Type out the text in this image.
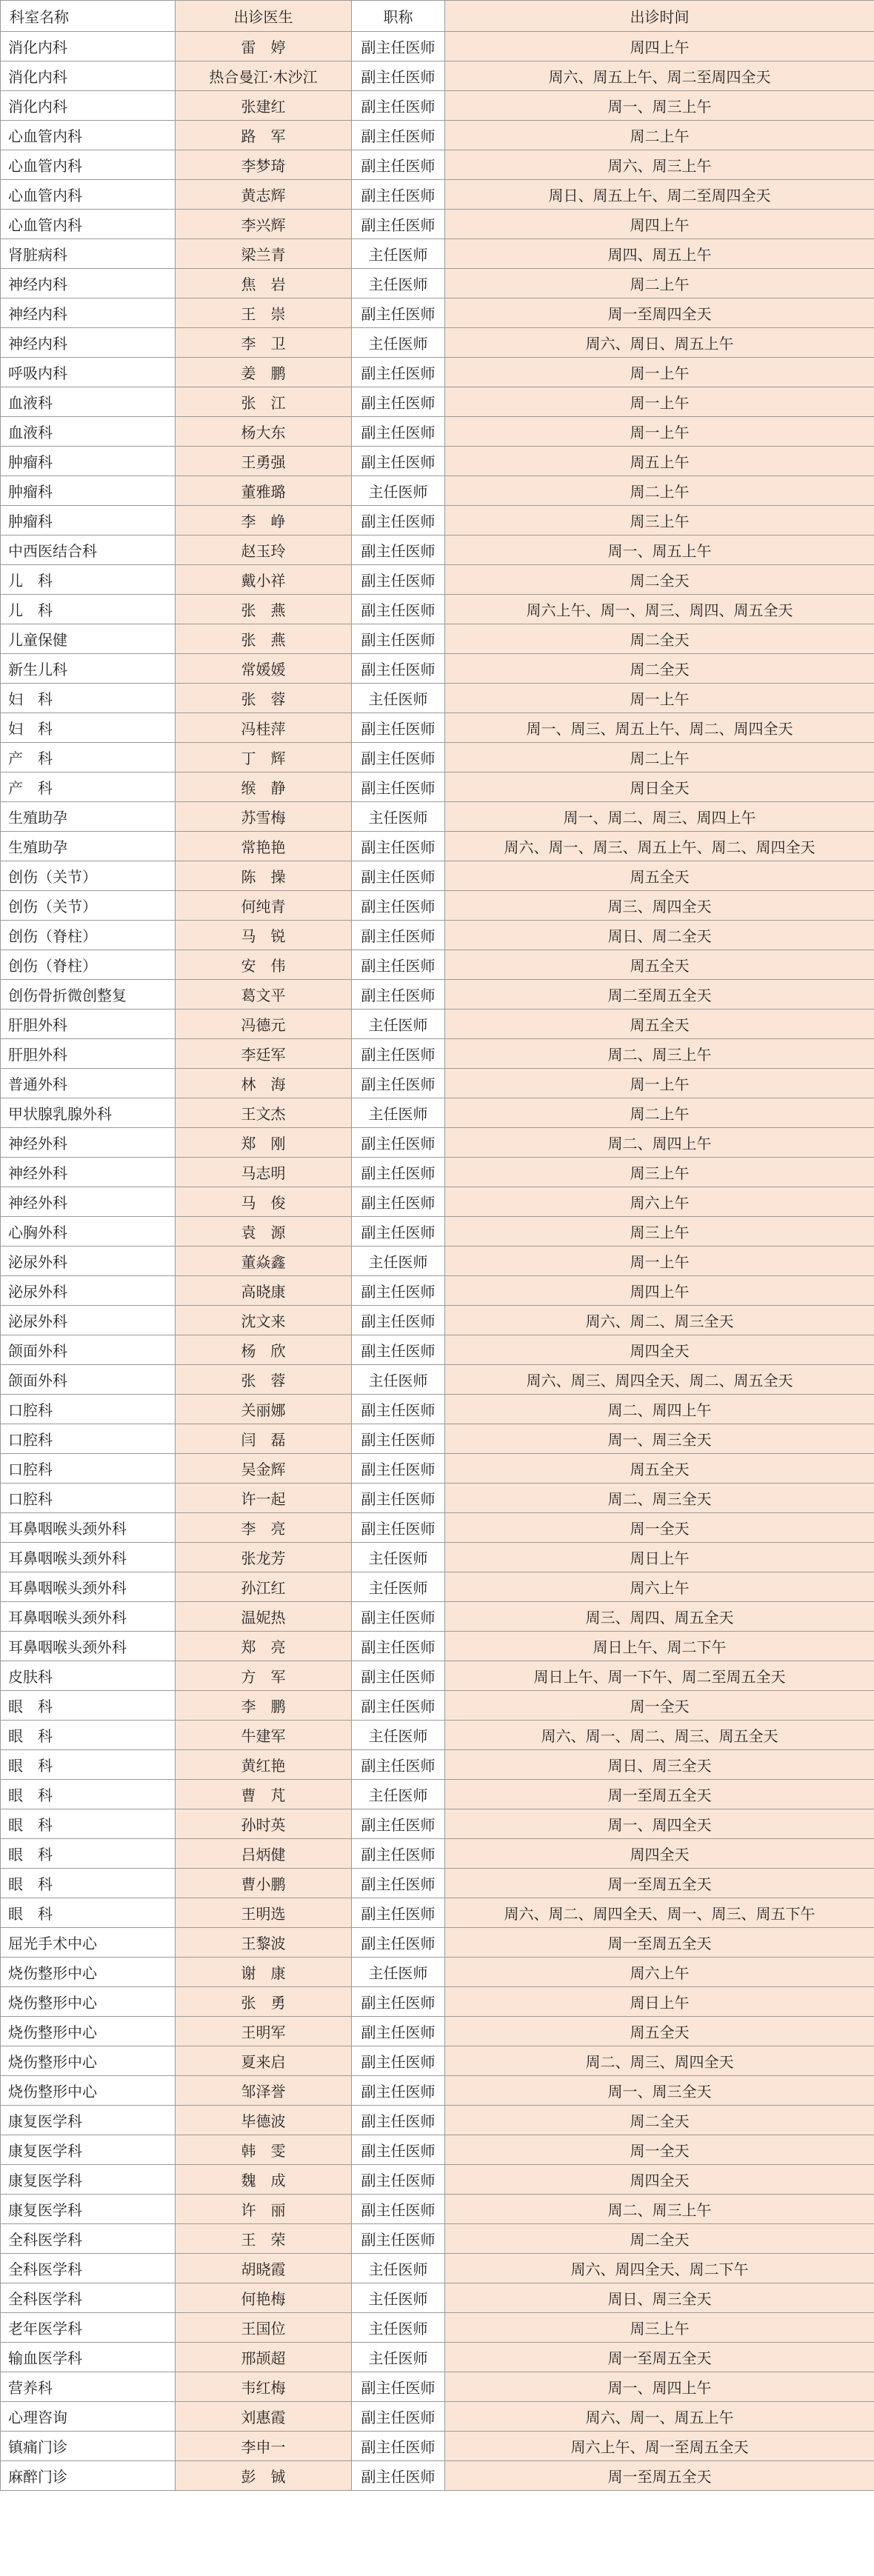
科室名称	出诊医生	职称	出诊时间
消化内科	雷　婷	副主任医师	周四上午
消化内科	热合曼江·木沙江	副主任医师	周六、周五上午、周二至周四全天
消化内科	张建红	副主任医师	周一、周三上午
心血管内科	路　军	副主任医师	周二上午
心血管内科	李梦琦	副主任医师	周六、周三上午
心血管内科	黄志辉	副主任医师	周日、周五上午、周二至周四全天
心血管内科	李兴辉	副主任医师	周四上午
肾脏病科	梁兰青	主任医师	周四、周五上午
神经内科	焦　岩	主任医师	周二上午
神经内科	王　崇	副主任医师	周一至周四全天
神经内科	李　卫	主任医师	周六、周日、周五上午
呼吸内科	姜　鹏	副主任医师	周一上午
血液科	张　江	副主任医师	周一上午
血液科	杨大东	副主任医师	周一上午
肿瘤科	王勇强	副主任医师	周五上午
肿瘤科	董雅璐	主任医师	周二上午
肿瘤科	李　峥	副主任医师	周三上午
中西医结合科	赵玉玲	副主任医师	周一、周五上午
儿　科	戴小祥	副主任医师	周二全天
儿　科	张　燕	副主任医师	周六上午、周一、周三、周四、周五全天
儿童保健	张　燕	副主任医师	周二全天
新生儿科	常媛媛	副主任医师	周二全天
妇　科	张　蓉	主任医师	周一上午
妇　科	冯桂萍	副主任医师	周一、周三、周五上午、周二、周四全天
产　科	丁　辉	副主任医师	周二上午
产　科	缑　静	副主任医师	周日全天
生殖助孕	苏雪梅	主任医师	周一、周二、周三、周四上午
生殖助孕	常艳艳	副主任医师	周六、周一、周三、周五上午、周二、周四全天
创伤（关节）	陈　操	副主任医师	周五全天
创伤（关节）	何纯青	副主任医师	周三、周四全天
创伤（脊柱）	马　锐	副主任医师	周日、周二全天
创伤（脊柱）	安　伟	副主任医师	周五全天
创伤骨折微创整复	葛文平	副主任医师	周二至周五全天
肝胆外科	冯德元	主任医师	周五全天
肝胆外科	李廷军	副主任医师	周二、周三上午
普通外科	林　海	副主任医师	周一上午
甲状腺乳腺外科	王文杰	主任医师	周二上午
神经外科	郑　刚	副主任医师	周二、周四上午
神经外科	马志明	副主任医师	周三上午
神经外科	马　俊	副主任医师	周六上午
心胸外科	袁　源	副主任医师	周三上午
泌尿外科	董焱鑫	主任医师	周一上午
泌尿外科	高晓康	副主任医师	周四上午
泌尿外科	沈文来	副主任医师	周六、周二、周三全天
颌面外科	杨　欣	副主任医师	周四全天
颌面外科	张　蓉	主任医师	周六、周三、周四全天、周二、周五全天
口腔科	关丽娜	副主任医师	周二、周四上午
口腔科	闫　磊	副主任医师	周一、周三全天
口腔科	吴金辉	副主任医师	周五全天
口腔科	许一起	副主任医师	周二、周三全天
耳鼻咽喉头颈外科	李　亮	副主任医师	周一全天
耳鼻咽喉头颈外科	张龙芳	主任医师	周日上午
耳鼻咽喉头颈外科	孙江红	主任医师	周六上午
耳鼻咽喉头颈外科	温妮热	副主任医师	周三、周四、周五全天
耳鼻咽喉头颈外科	郑　亮	副主任医师	周日上午、周二下午
皮肤科	方　军	副主任医师	周日上午、周一下午、周二至周五全天
眼　科	李　鹏	副主任医师	周一全天
眼　科	牛建军	主任医师	周六、周一、周二、周三、周五全天
眼　科	黄红艳	副主任医师	周日、周三全天
眼　科	曹　芃	主任医师	周一至周五全天
眼　科	孙时英	副主任医师	周一、周四全天
眼　科	吕炳健	副主任医师	周四全天
眼　科	曹小鹏	副主任医师	周一至周五全天
眼　科	王明选	副主任医师	周六、周二、周四全天、周一、周三、周五下午
屈光手术中心	王黎波	副主任医师	周一至周五全天
烧伤整形中心	谢　康	主任医师	周六上午
烧伤整形中心	张　勇	副主任医师	周日上午
烧伤整形中心	王明军	副主任医师	周五全天
烧伤整形中心	夏来启	副主任医师	周二、周三、周四全天
烧伤整形中心	邹泽誉	副主任医师	周一、周三全天
康复医学科	毕德波	副主任医师	周二全天
康复医学科	韩　雯	副主任医师	周一全天
康复医学科	魏　成	副主任医师	周四全天
康复医学科	许　丽	副主任医师	周二、周三上午
全科医学科	王　荣	副主任医师	周二全天
全科医学科	胡晓霞	主任医师	周六、周四全天、周二下午
全科医学科	何艳梅	主任医师	周日、周三全天
老年医学科	王国位	主任医师	周三上午
输血医学科	邢颉超	主任医师	周一至周五全天
营养科	韦红梅	副主任医师	周一、周四上午
心理咨询	刘惠霞	副主任医师	周六、周一、周五上午
镇痛门诊	李申一	副主任医师	周六上午、周一至周五全天
麻醉门诊	彭　铖	副主任医师	周一至周五全天
